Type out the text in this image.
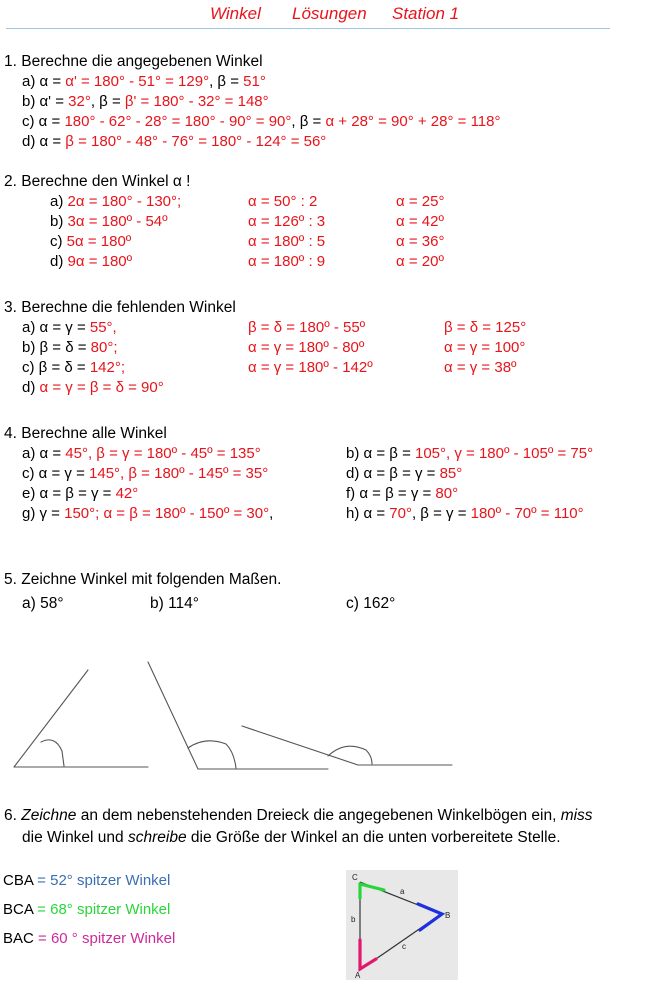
Winkel Lösungen Station 1
1. Berechne die angegebenen Winkel
a) α = α' = 180° - 51° = 129°, β = 51°
b) α' = 32°, β = β' = 180° - 32° = 148°
c) α = 180° - 62° - 28° = 180° - 90° = 90°, β = α + 28° = 90° + 28° = 118°
d) α = β = 180° - 48° - 76° = 180° - 124° = 56°
2. Berechne den Winkel α !
a) 2α = 180° - 130°;	α = 50° : 2	α = 25°
b) 3α = 180º - 54º	α = 126º : 3	α = 42º
c) 5α = 180º	α = 180º : 5	α = 36°
d) 9α = 180º	α = 180º : 9	α = 20º
3. Berechne die fehlenden Winkel
a) α = γ = 55°,	β = δ = 180º - 55º	β = δ = 125°
b) β = δ = 80°;	α = γ = 180º - 80º	α = γ = 100°
c) β = δ = 142°;	α = γ = 180º - 142º	α = γ = 38º
d) α = γ = β = δ = 90°
4. Berechne alle Winkel
a) α = 45°, β = γ = 180º - 45º = 135°	b) α = β = 105°, γ = 180º - 105º = 75°
c) α = γ = 145°, β = 180º - 145º = 35°	d) α = β = γ = 85°
e) α = β = γ = 42°	f) α = β = γ = 80°
g) γ = 150°; α = β = 180º - 150º = 30°,	h) α = 70°, β = γ = 180º - 70º = 110°
5. Zeichne Winkel mit folgenden Maßen.
a) 58°	b) 114°	c) 162°
6. Zeichne an dem nebenstehenden Dreieck die angegebenen Winkelbögen ein, miss
die Winkel und schreibe die Größe der Winkel an die unten vorbereitete Stelle.
CBA = 52° spitzer Winkel
BCA = 68° spitzer Winkel
BAC = 60 ° spitzer Winkel
C
B
A
a
b
c
